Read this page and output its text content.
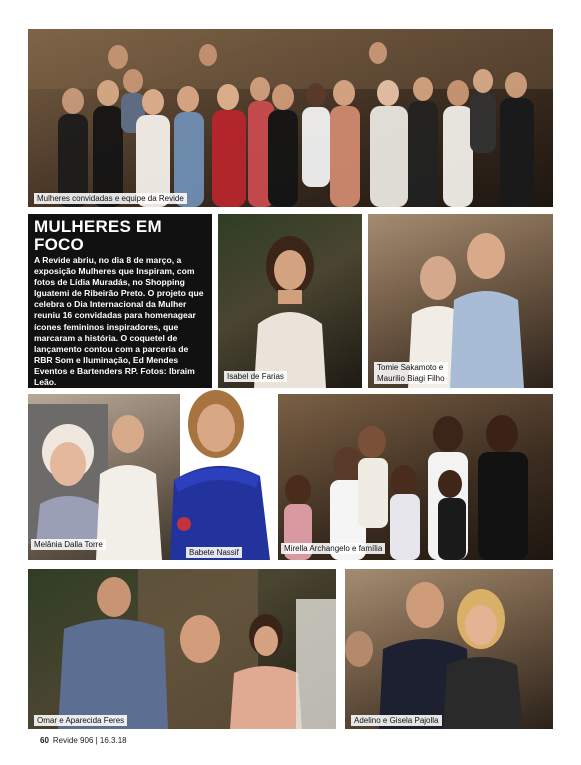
Mulheres convidadas e equipe da Revide
MULHERES EM FOCO

A Revide abriu, no dia 8 de março, a exposição Mulheres que Inspiram, com fotos de Lídia Muradás, no Shopping Iguatemi de Ribeirão Preto. O projeto que celebra o Dia Internacional da Mulher reuniu 16 convidadas para homenagear ícones femininos inspiradores, que marcaram a história. O coquetel de lançamento contou com a parceria de RBR Som e Iluminação, Ed Mendes Eventos e Bartenders RP. Fotos: Ibraim Leão.

Isabel de Farias
Tomie Sakamoto e
Maurilio Biagi Filho
Melânia Dalla Torre
Babete Nassif	Mirella Archangelo e família
Omar e Aparecida Feres	Adelino e Gisela Pajolla
60 Revide 906 | 16.3.18
